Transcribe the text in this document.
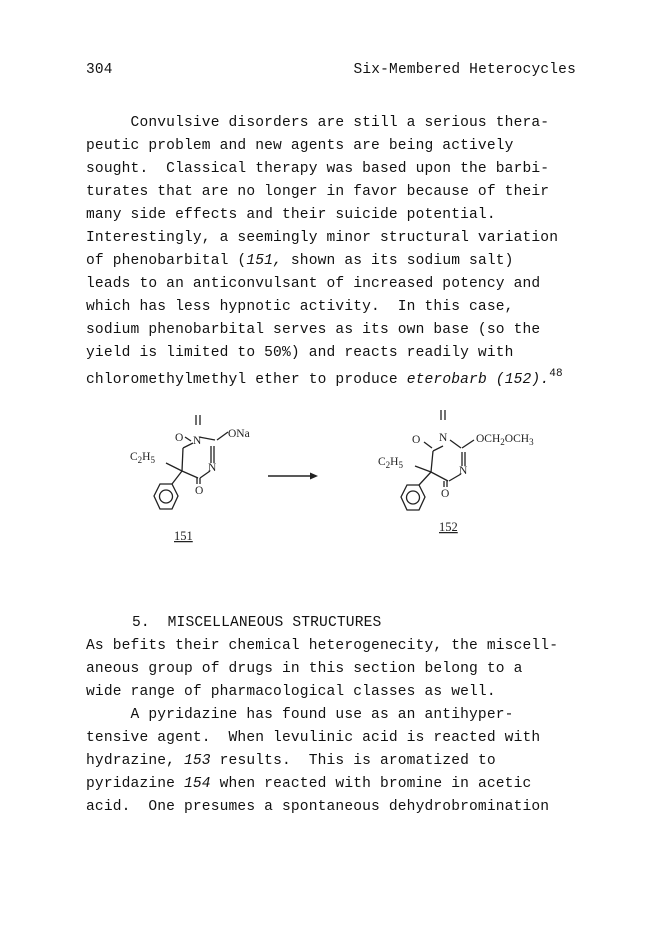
304	Six-Membered Heterocycles
Convulsive disorders are still a serious thera-
peutic problem and new agents are being actively
sought.  Classical therapy was based upon the barbi-
turates that are no longer in favor because of their
many side effects and their suicide potential.
Interestingly, a seemingly minor structural variation
of phenobarbital (151, shown as its sodium salt)
leads to an anticonvulsant of increased potency and
which has less hypnotic activity.  In this case,
sodium phenobarbital serves as its own base (so the
yield is limited to 50%) and reacts readily with
chloromethylmethyl ether to produce eterobarb (152).$^{48}$
O N
ONa
$C_2H_5$
N
O
151
O N $OCH_2OCH_3$
$C_2H_5$	N
O
152
5.  MISCELLANEOUS STRUCTURES
As befits their chemical heterogenecity, the miscell-
aneous group of drugs in this section belong to a
wide range of pharmacological classes as well.
A pyridazine has found use as an antihyper-
tensive agent.  When levulinic acid is reacted with
hydrazine, 153 results.  This is aromatized to
pyridazine 154 when reacted with bromine in acetic
acid.  One presumes a spontaneous dehydrobromination
